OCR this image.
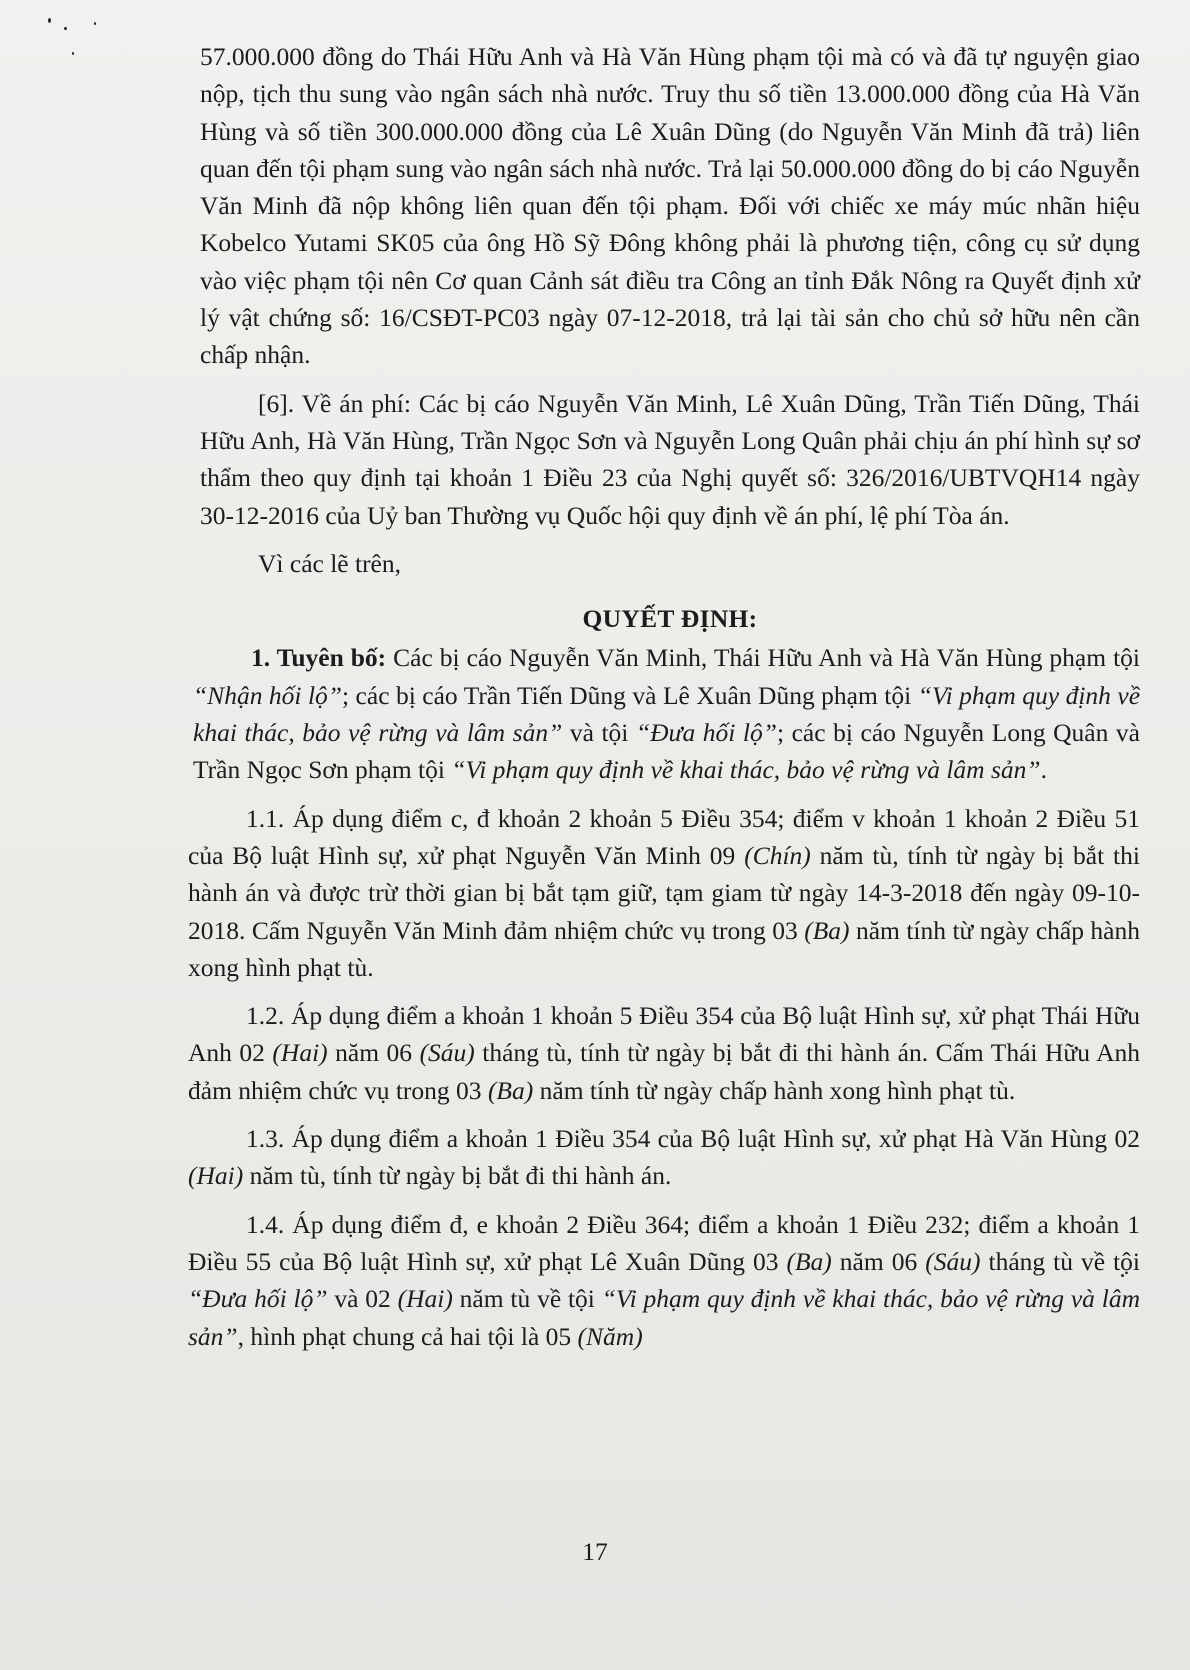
57.000.000 đồng do Thái Hữu Anh và Hà Văn Hùng phạm tội mà có và đã tự nguyện giao nộp, tịch thu sung vào ngân sách nhà nước. Truy thu số tiền 13.000.000 đồng của Hà Văn Hùng và số tiền 300.000.000 đồng của Lê Xuân Dũng (do Nguyễn Văn Minh đã trả) liên quan đến tội phạm sung vào ngân sách nhà nước. Trả lại 50.000.000 đồng do bị cáo Nguyễn Văn Minh đã nộp không liên quan đến tội phạm. Đối với chiếc xe máy múc nhãn hiệu Kobelco Yutami SK05 của ông Hồ Sỹ Đông không phải là phương tiện, công cụ sử dụng vào việc phạm tội nên Cơ quan Cảnh sát điều tra Công an tỉnh Đắk Nông ra Quyết định xử lý vật chứng số: 16/CSĐT-PC03 ngày 07-12-2018, trả lại tài sản cho chủ sở hữu nên cần chấp nhận.

[6]. Về án phí: Các bị cáo Nguyễn Văn Minh, Lê Xuân Dũng, Trần Tiến Dũng, Thái Hữu Anh, Hà Văn Hùng, Trần Ngọc Sơn và Nguyễn Long Quân phải chịu án phí hình sự sơ thẩm theo quy định tại khoản 1 Điều 23 của Nghị quyết số: 326/2016/UBTVQH14 ngày 30-12-2016 của Uỷ ban Thường vụ Quốc hội quy định về án phí, lệ phí Tòa án.

Vì các lẽ trên,

QUYẾT ĐỊNH:

1. Tuyên bố: Các bị cáo Nguyễn Văn Minh, Thái Hữu Anh và Hà Văn Hùng phạm tội “Nhận hối lộ”; các bị cáo Trần Tiến Dũng và Lê Xuân Dũng phạm tội “Vi phạm quy định về khai thác, bảo vệ rừng và lâm sản” và tội “Đưa hối lộ”; các bị cáo Nguyễn Long Quân và Trần Ngọc Sơn phạm tội “Vi phạm quy định về khai thác, bảo vệ rừng và lâm sản”.

1.1. Áp dụng điểm c, đ khoản 2 khoản 5 Điều 354; điểm v khoản 1 khoản 2 Điều 51 của Bộ luật Hình sự, xử phạt Nguyễn Văn Minh 09 (Chín) năm tù, tính từ ngày bị bắt thi hành án và được trừ thời gian bị bắt tạm giữ, tạm giam từ ngày 14-3-2018 đến ngày 09-10-2018. Cấm Nguyễn Văn Minh đảm nhiệm chức vụ trong 03 (Ba) năm tính từ ngày chấp hành xong hình phạt tù.

1.2. Áp dụng điểm a khoản 1 khoản 5 Điều 354 của Bộ luật Hình sự, xử phạt Thái Hữu Anh 02 (Hai) năm 06 (Sáu) tháng tù, tính từ ngày bị bắt đi thi hành án. Cấm Thái Hữu Anh đảm nhiệm chức vụ trong 03 (Ba) năm tính từ ngày chấp hành xong hình phạt tù.

1.3. Áp dụng điểm a khoản 1 Điều 354 của Bộ luật Hình sự, xử phạt Hà Văn Hùng 02 (Hai) năm tù, tính từ ngày bị bắt đi thi hành án.

1.4. Áp dụng điểm đ, e khoản 2 Điều 364; điểm a khoản 1 Điều 232; điểm a khoản 1 Điều 55 của Bộ luật Hình sự, xử phạt Lê Xuân Dũng 03 (Ba) năm 06 (Sáu) tháng tù về tội “Đưa hối lộ” và 02 (Hai) năm tù về tội “Vi phạm quy định về khai thác, bảo vệ rừng và lâm sản”, hình phạt chung cả hai tội là 05 (Năm)

17
